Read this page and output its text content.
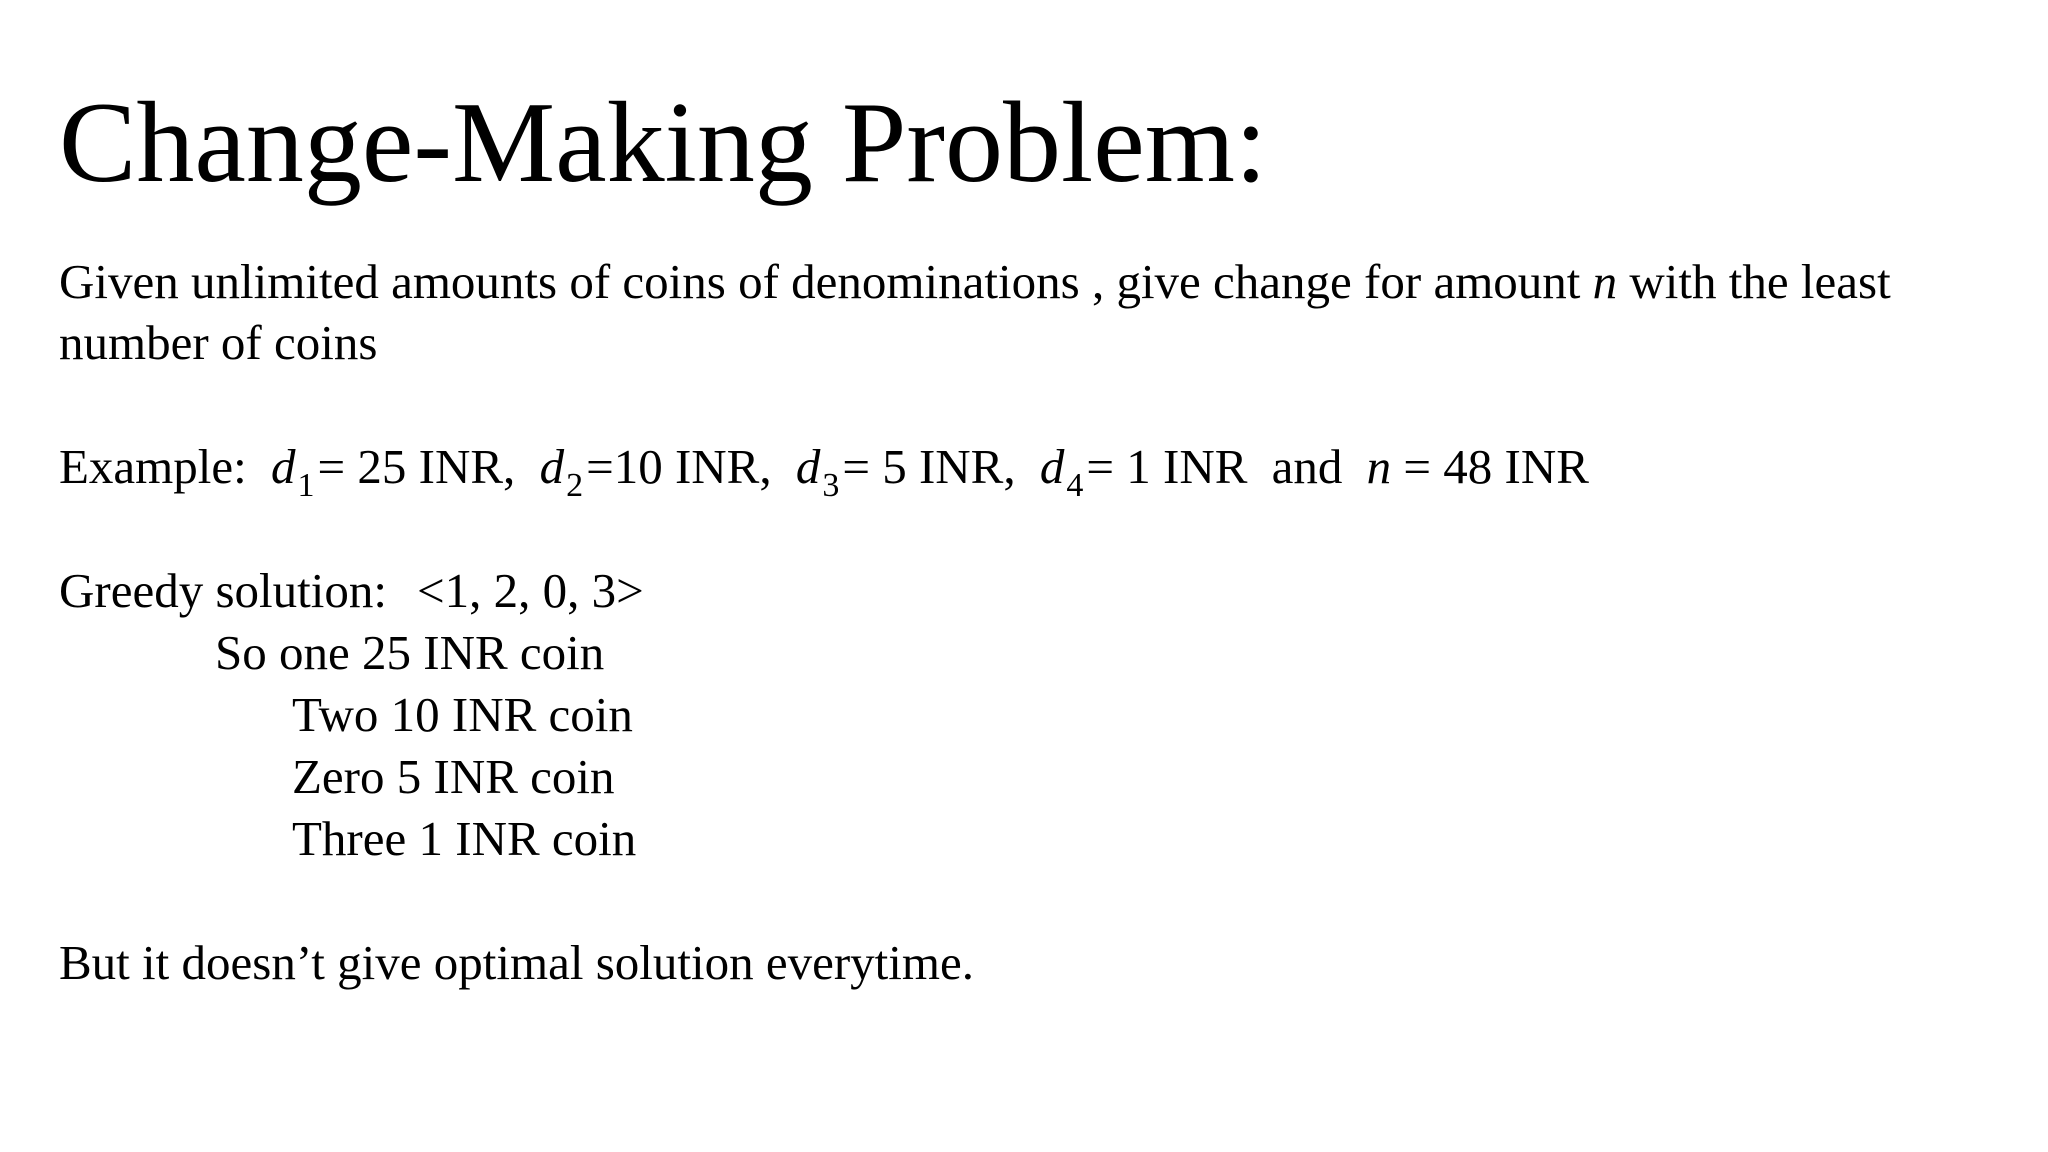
Change-Making Problem:
Given unlimited amounts of coins of denominations , give change for amount n with the least
number of coins
Example: $d_1= 25$ INR, $d_2=10$ INR, $d_3= 5$ INR, $d_4= 1$ INR and n = 48 INR
Greedy solution: <1, 2, 0, 3>
So one 25 INR coin
Two 10 INR coin
Zero 5 INR coin
Three 1 INR coin
But it doesn’t give optimal solution everytime.
